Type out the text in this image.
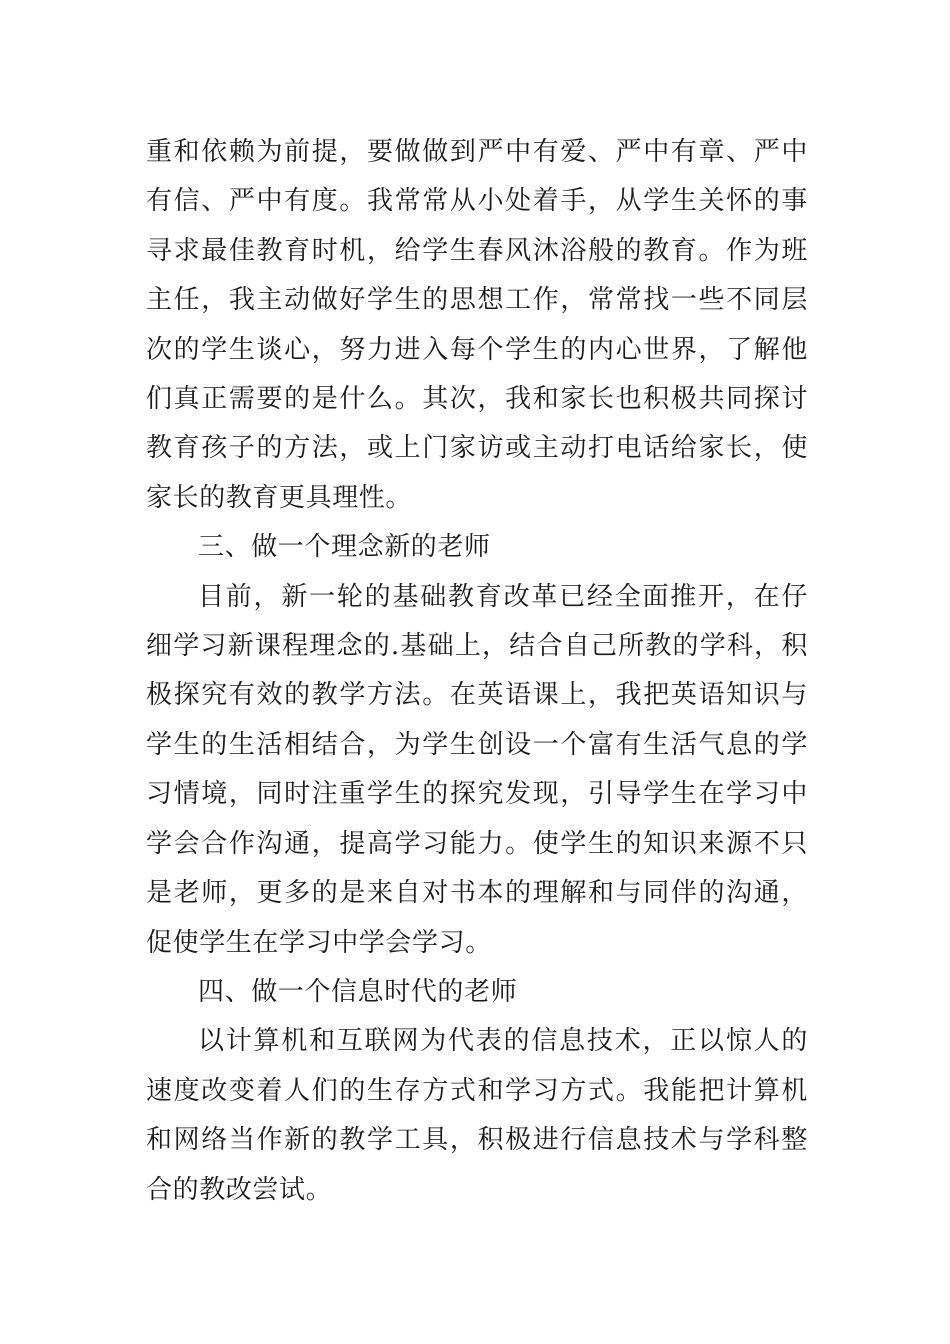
重和依赖为前提，要做做到严中有爱、严中有章、严中有信、严中有度。我常常从小处着手，从学生关怀的事寻求最佳教育时机，给学生春风沐浴般的教育。作为班主任，我主动做好学生的思想工作，常常找一些不同层次的学生谈心，努力进入每个学生的内心世界，了解他们真正需要的是什么。其次，我和家长也积极共同探讨教育孩子的方法，或上门家访或主动打电话给家长，使家长的教育更具理性。

三、做一个理念新的老师

目前，新一轮的基础教育改革已经全面推开，在仔细学习新课程理念的.基础上，结合自己所教的学科，积极探究有效的教学方法。在英语课上，我把英语知识与学生的生活相结合，为学生创设一个富有生活气息的学习情境，同时注重学生的探究发现，引导学生在学习中学会合作沟通，提高学习能力。使学生的知识来源不只是老师，更多的是来自对书本的理解和与同伴的沟通，促使学生在学习中学会学习。

四、做一个信息时代的老师

以计算机和互联网为代表的信息技术，正以惊人的速度改变着人们的生存方式和学习方式。我能把计算机和网络当作新的教学工具，积极进行信息技术与学科整合的教改尝试。
